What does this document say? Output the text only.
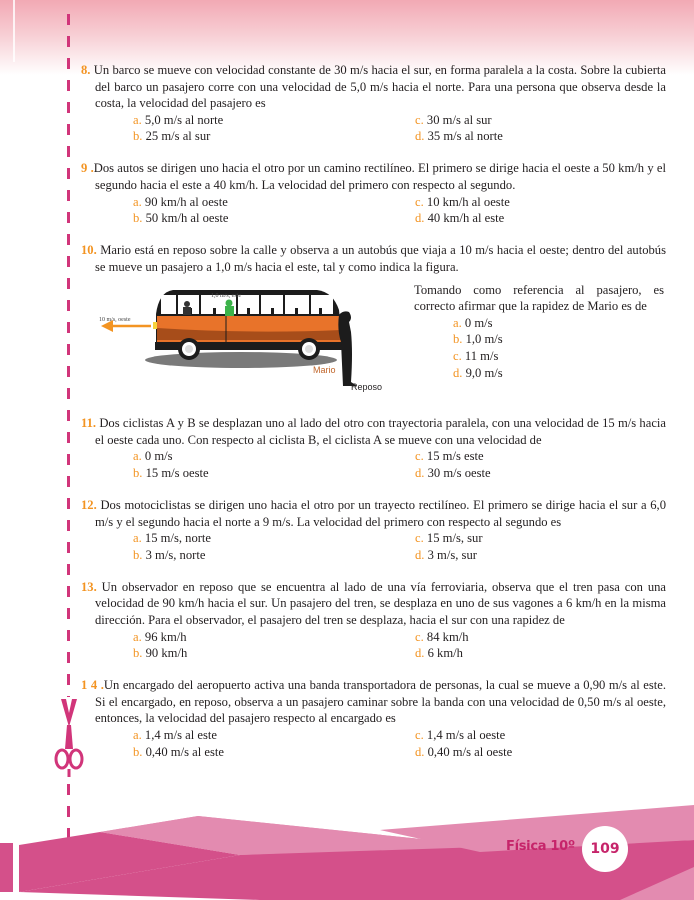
8. Un barco se mueve con velocidad constante de 30 m/s hacia el sur, en forma paralela a la costa. Sobre la cubierta del barco un pasajero corre con una velocidad de 5,0 m/s hacia el norte. Para una persona que observa desde la costa, la velocidad del pasajero es
a. 5,0 m/s al norte	c. 30 m/s al sur
b. 25 m/s al sur	d. 35 m/s al norte
9 .Dos autos se dirigen uno hacia el otro por un camino rectilíneo. El primero se dirige hacia el oeste a 50 km/h y el segundo hacia el este a 40 km/h. La velocidad del primero con respecto al segundo.
a. 90 km/h al oeste	c. 10 km/h al oeste
b. 50 km/h al oeste	d. 40 km/h al este
10. Mario está en reposo sobre la calle y observa a un autobús que viaja a 10 m/s hacia el oeste; dentro del autobús se mueve un pasajero a 1,0 m/s hacia el este, tal y como indica la figura.
10 m/s, oeste
1,0 m/s, este
Mario
Reposo
Tomando como referencia al pasajero, es correcto afirmar que la rapidez de Mario es de
a. 0 m/s
b. 1,0 m/s
c. 11 m/s
d. 9,0 m/s
11. Dos ciclistas A y B se desplazan uno al lado del otro con trayectoria paralela, con una velocidad de 15 m/s hacia el oeste cada uno. Con respecto al ciclista B, el ciclista A se mueve con una velocidad de
a. 0 m/s	c. 15 m/s este
b. 15 m/s oeste	d. 30 m/s oeste
12. Dos motociclistas se dirigen uno hacia el otro por un trayecto rectilíneo. El primero se dirige hacia el sur a 6,0 m/s y el segundo hacia el norte a 9 m/s. La velocidad del primero con respecto al segundo es
a. 15 m/s, norte	c. 15 m/s, sur
b. 3 m/s, norte	d. 3 m/s, sur
13. Un observador en reposo que se encuentra al lado de una vía ferroviaria, observa que el tren pasa con una velocidad de 90 km/h hacia el sur. Un pasajero del tren, se desplaza en uno de sus vagones a 6 km/h en la misma dirección. Para el observador, el pasajero del tren se desplaza, hacia el sur con una rapidez de
a. 96 km/h	c. 84 km/h
b. 90 km/h	d. 6 km/h
1 4 .Un encargado del aeropuerto activa una banda transportadora de personas, la cual se mueve a 0,90 m/s al este. Si el encargado, en reposo, observa a un pasajero caminar sobre la banda con una velocidad de 0,50 m/s al oeste, entonces, la velocidad del pasajero respecto al encargado es
a. 1,4 m/s al este	c. 1,4 m/s al oeste
b. 0,40 m/s al este	d. 0,40 m/s al oeste
Física 10º	109
